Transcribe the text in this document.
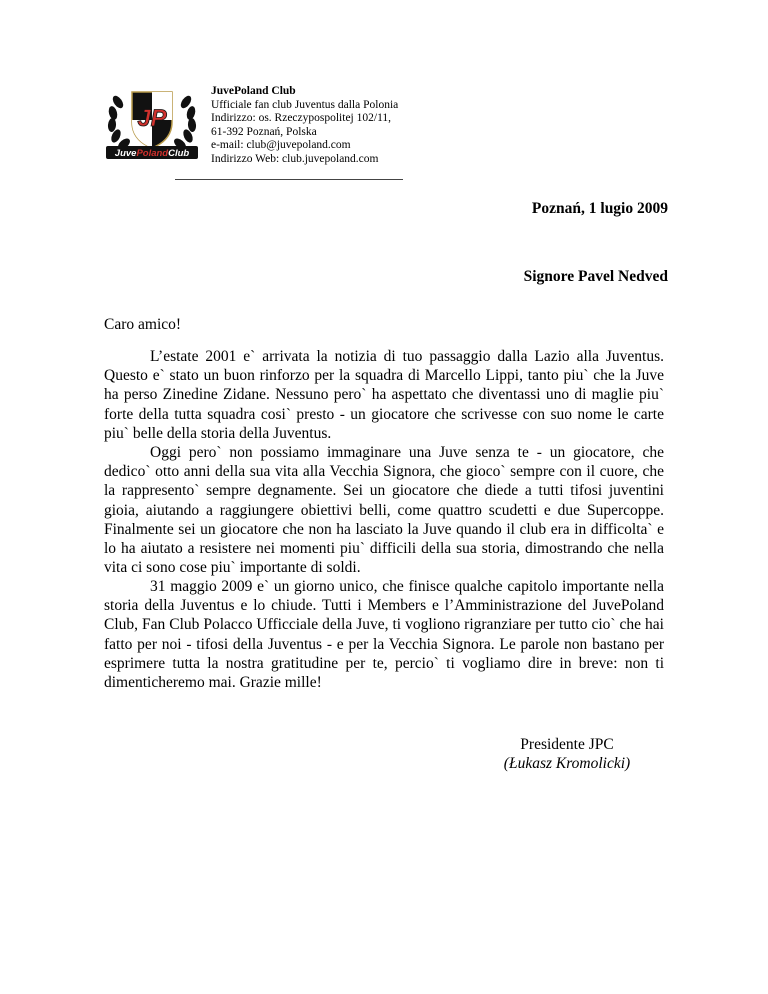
JP
JuvePolandClub
JuvePoland Club
Ufficiale fan club Juventus dalla Polonia
Indirizzo: os. Rzeczypospolitej 102/11,
61-392 Poznań, Polska
e-mail: club@juvepoland.com
Indirizzo Web: club.juvepoland.com
Poznań, 1 lugio 2009
Signore Pavel Nedved
Caro amico!

L’estate 2001 e` arrivata la notizia di tuo passaggio dalla Lazio alla Juventus. Questo e` stato un buon rinforzo per la squadra di Marcello Lippi, tanto piu` che la Juve ha perso Zinedine Zidane. Nessuno pero` ha aspettato che diventassi uno di maglie piu` forte della tutta squadra cosi` presto - un giocatore che scrivesse con suo nome le carte piu` belle della storia della Juventus.

Oggi pero` non possiamo immaginare una Juve senza te - un giocatore, che dedico` otto anni della sua vita alla Vecchia Signora, che gioco` sempre con il cuore, che la rappresento` sempre degnamente. Sei un giocatore che diede a tutti tifosi juventini gioia, aiutando a raggiungere obiettivi belli, come quattro scudetti e due Supercoppe. Finalmente sei un giocatore che non ha lasciato la Juve quando il club era in difficolta` e lo ha aiutato a resistere nei momenti piu` difficili della sua storia, dimostrando che nella vita ci sono cose piu` importante di soldi.

31 maggio 2009 e` un giorno unico, che finisce qualche capitolo importante nella storia della Juventus e lo chiude. Tutti i Members e l’Amministrazione del JuvePoland Club, Fan Club Polacco Ufficciale della Juve, ti vogliono rigranziare per tutto cio` che hai fatto per noi - tifosi della Juventus - e per la Vecchia Signora. Le parole non bastano per esprimere tutta la nostra gratitudine per te, percio` ti vogliamo dire in breve: non ti dimenticheremo mai. Grazie mille!

Presidente JPC
(Łukasz Kromolicki)
